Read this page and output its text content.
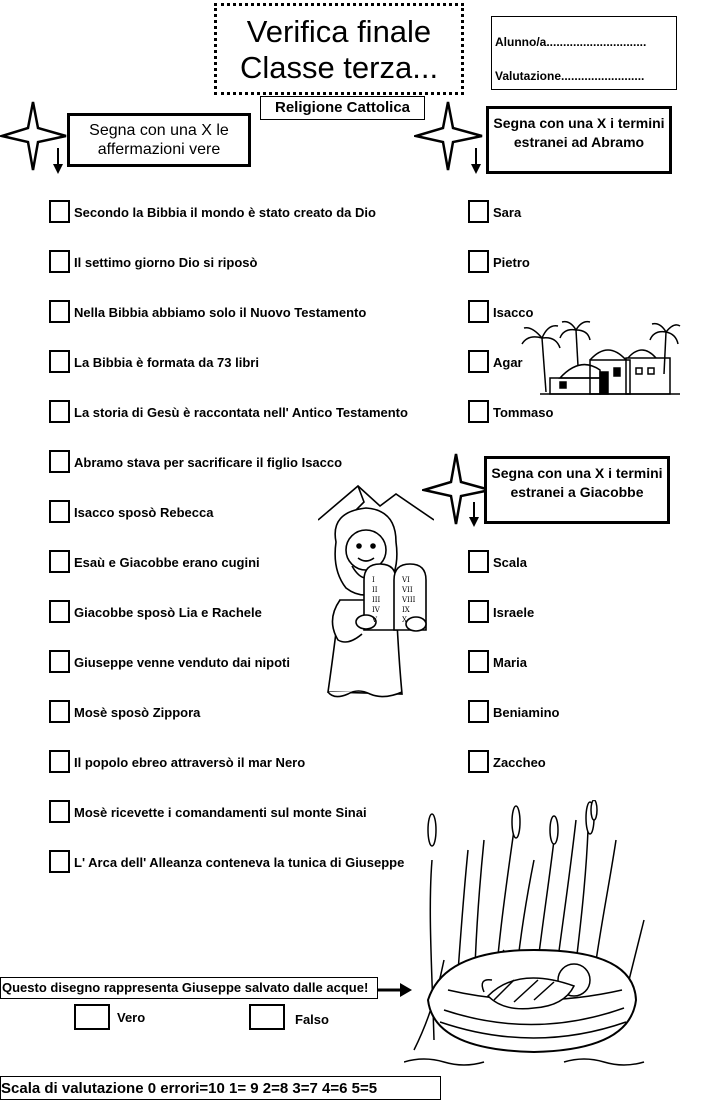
Verifica finale
Classe terza...
Alunno/a..............................
Valutazione.........................
Religione Cattolica
Segna con una X le affermazioni vere
Segna con una X i termini estranei ad Abramo
Segna con una X i termini estranei a Giacobbe
Secondo la Bibbia il mondo è stato creato da Dio
Il settimo giorno Dio si riposò
Nella Bibbia abbiamo solo il Nuovo Testamento
La Bibbia è formata da 73 libri
La storia di Gesù è raccontata nell' Antico Testamento
Abramo stava per sacrificare il figlio Isacco
Isacco sposò Rebecca
Esaù e Giacobbe erano cugini
Giacobbe sposò Lia e Rachele
Giuseppe venne venduto dai nipoti
Mosè sposò Zippora
Il popolo ebreo attraversò il mar Nero
Mosè ricevette i comandamenti sul monte Sinai
L' Arca dell' Alleanza conteneva la tunica di Giuseppe
Sara
Pietro
Isacco
Agar
Tommaso
Scala
Israele
Maria
Beniamino
Zaccheo
I
II
III
IV
V
VI
VII
VIII
IX
X
Questo disegno rappresenta Giuseppe salvato dalle acque!
Vero	Falso
Scala di valutazione 0 errori=10 1= 9 2=8 3=7 4=6 5=5
